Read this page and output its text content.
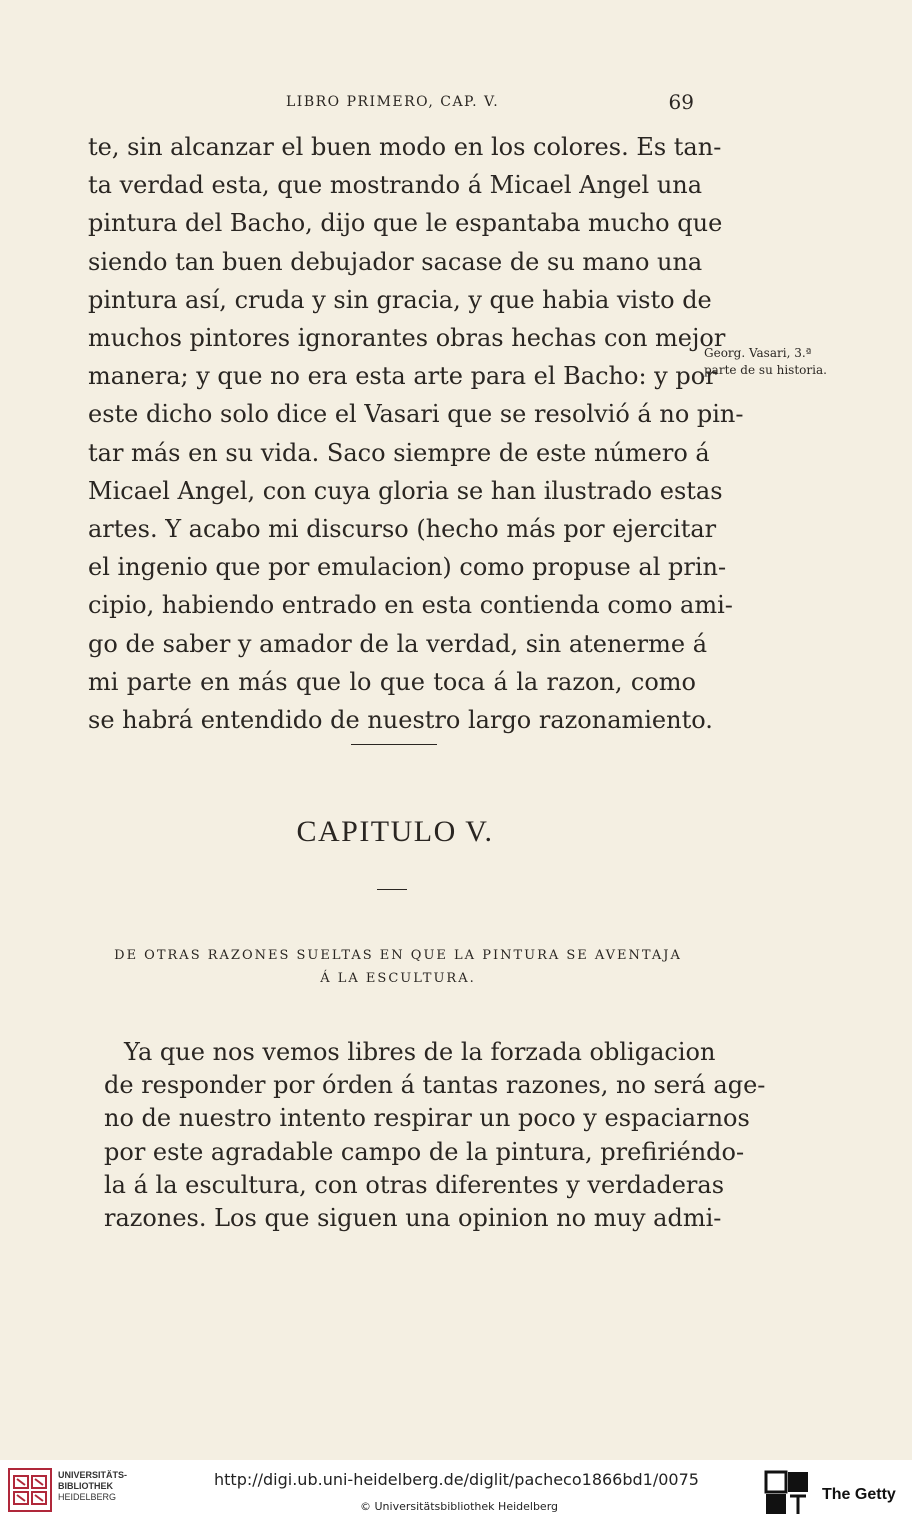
LIBRO PRIMERO, CAP. V.	69
te, sin alcanzar el buen modo en los colores. Es tan-
ta verdad esta, que mostrando á Micael Angel una
pintura del Bacho, dijo que le espantaba mucho que
siendo tan buen debujador sacase de su mano una
pintura así, cruda y sin gracia, y que habia visto de
muchos pintores ignorantes obras hechas con mejor
manera; y que no era esta arte para el Bacho: y por
este dicho solo dice el Vasari que se resolvió á no pin-
tar más en su vida. Saco siempre de este número á
Micael Angel, con cuya gloria se han ilustrado estas
artes. Y acabo mi discurso (hecho más por ejercitar
el ingenio que por emulacion) como propuse al prin-
cipio, habiendo entrado en esta contienda como ami-
go de saber y amador de la verdad, sin atenerme á
mi parte en más que lo que toca á la razon, como
se habrá entendido de nuestro largo razonamiento.
Georg. Vasari, 3.ª
parte de su historia.
CAPITULO V.
DE OTRAS RAZONES SUELTAS EN QUE LA PINTURA SE AVENTAJA
Á LA ESCULTURA.
Ya que nos vemos libres de la forzada obligacion
de responder por órden á tantas razones, no será age-
no de nuestro intento respirar un poco y espaciarnos
por este agradable campo de la pintura, prefiriéndo-
la á la escultura, con otras diferentes y verdaderas
razones. Los que siguen una opinion no muy admi-
UNIVERSITÄTS-
BIBLIOTHEK
HEIDELBERG
http://digi.ub.uni-heidelberg.de/diglit/pacheco1866bd1/0075
© Universitätsbibliothek Heidelberg
The Getty
